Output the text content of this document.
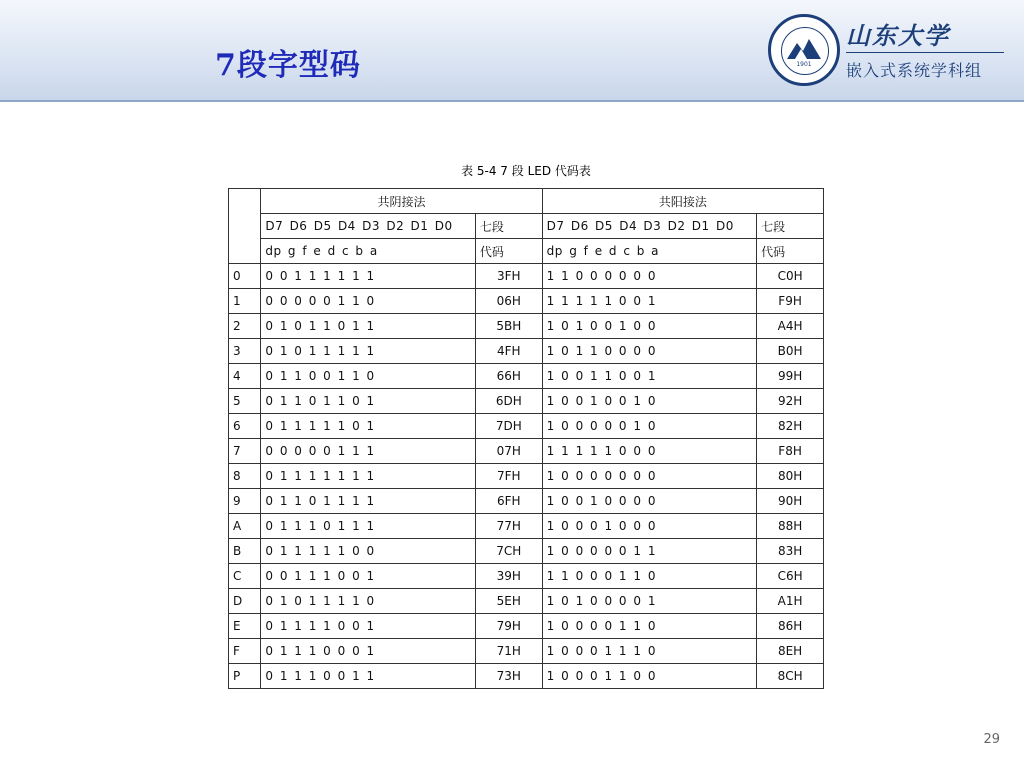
7段字型码	1901
山东大学
嵌入式系统学科组
表 5-4 7 段 LED 代码表
	共阴接法		共阳接法	
	D7 D6 D5 D4 D3 D2 D1 D0	七段	D7 D6 D5 D4 D3 D2 D1 D0	七段
	dp g f e d c b a	代码	dp g f e d c b a	代码
0	0 0 1 1 1 1 1 1	3FH	1 1 0 0 0 0 0 0	C0H
1	0 0 0 0 0 1 1 0	06H	1 1 1 1 1 0 0 1	F9H
2	0 1 0 1 1 0 1 1	5BH	1 0 1 0 0 1 0 0	A4H
3	0 1 0 1 1 1 1 1	4FH	1 0 1 1 0 0 0 0	B0H
4	0 1 1 0 0 1 1 0	66H	1 0 0 1 1 0 0 1	99H
5	0 1 1 0 1 1 0 1	6DH	1 0 0 1 0 0 1 0	92H
6	0 1 1 1 1 1 0 1	7DH	1 0 0 0 0 0 1 0	82H
7	0 0 0 0 0 1 1 1	07H	1 1 1 1 1 0 0 0	F8H
8	0 1 1 1 1 1 1 1	7FH	1 0 0 0 0 0 0 0	80H
9	0 1 1 0 1 1 1 1	6FH	1 0 0 1 0 0 0 0	90H
A	0 1 1 1 0 1 1 1	77H	1 0 0 0 1 0 0 0	88H
B	0 1 1 1 1 1 0 0	7CH	1 0 0 0 0 0 1 1	83H
C	0 0 1 1 1 0 0 1	39H	1 1 0 0 0 1 1 0	C6H
D	0 1 0 1 1 1 1 0	5EH	1 0 1 0 0 0 0 1	A1H
E	0 1 1 1 1 0 0 1	79H	1 0 0 0 0 1 1 0	86H
F	0 1 1 1 0 0 0 1	71H	1 0 0 0 1 1 1 0	8EH
P	0 1 1 1 0 0 1 1	73H	1 0 0 0 1 1 0 0	8CH
29
